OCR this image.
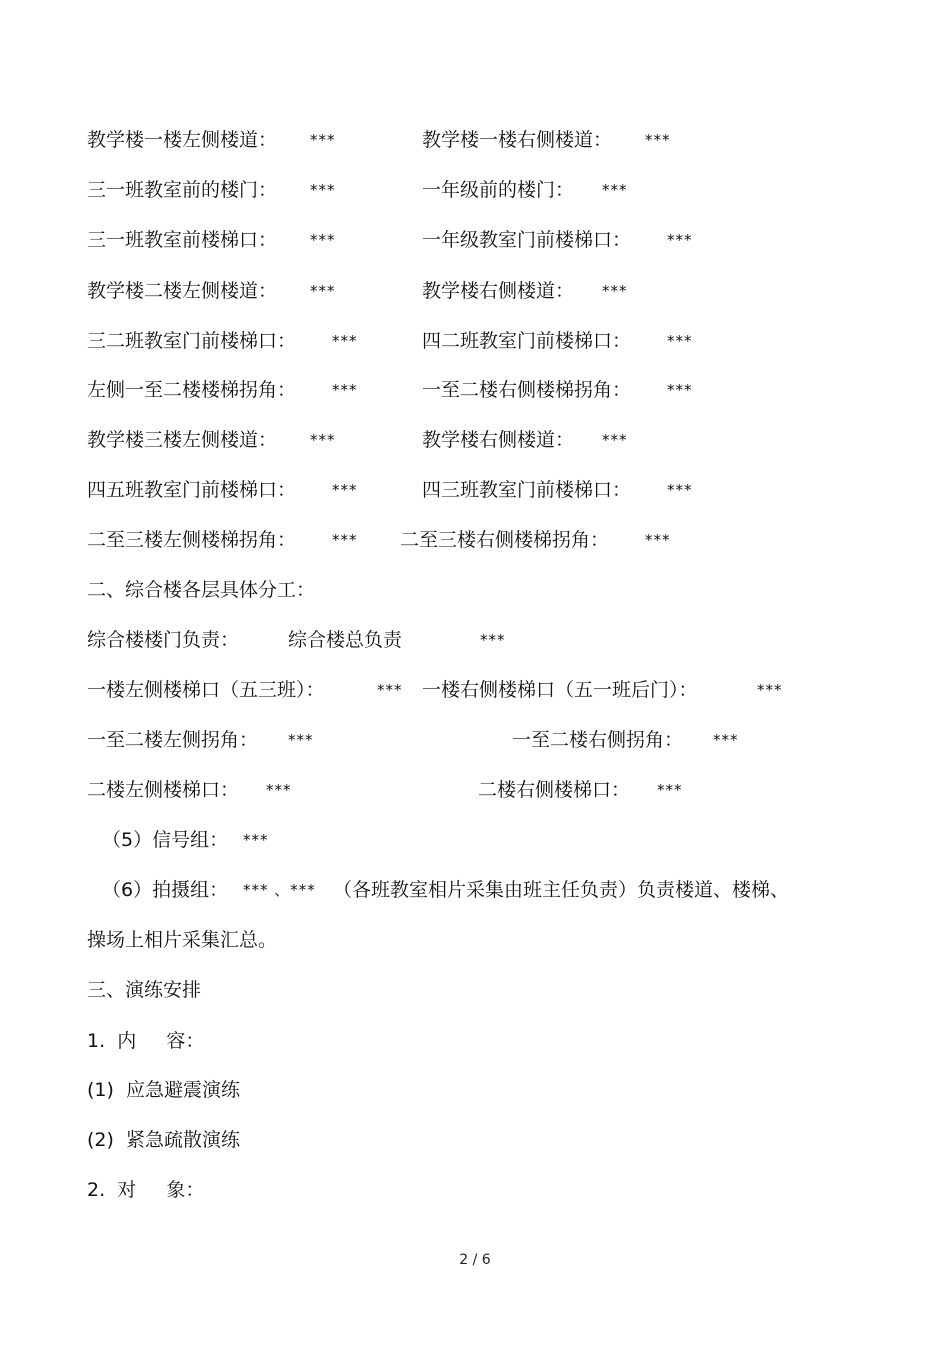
教学楼一楼左侧楼道： ***	教学楼一楼右侧楼道： ***
三一班教室前的楼门： ***	一年级前的楼门： ***
三一班教室前楼梯口： ***	一年级教室门前楼梯口： ***
教学楼二楼左侧楼道： ***	教学楼右侧楼道： ***
三二班教室门前楼梯口： ***	四二班教室门前楼梯口： ***
左侧一至二楼楼梯拐角： ***	一至二楼右侧楼梯拐角： ***
教学楼三楼左侧楼道： ***	教学楼右侧楼道： ***
四五班教室门前楼梯口： ***	四三班教室门前楼梯口： ***
二至三楼左侧楼梯拐角： *** 二至三楼右侧楼梯拐角： ***
二、综合楼各层具体分工：
综合楼楼门负责：	综合楼总负责	***
一楼左侧楼梯口（五三班）：	*** 一楼右侧楼梯口（五一班后门）：	***
一至二楼左侧拐角： ***	一至二楼右侧拐角： ***
二楼左侧楼梯口： ***	二楼右侧楼梯口： ***
（5）信号组： ***
（6）拍摄组： *** 、*** （各班教室相片采集由班主任负责）负责楼道、楼梯、
操场上相片采集汇总。
三、演练安排
1.  内     容：
(1)  应急避震演练
(2)  紧急疏散演练
2.  对     象：
2 / 6
